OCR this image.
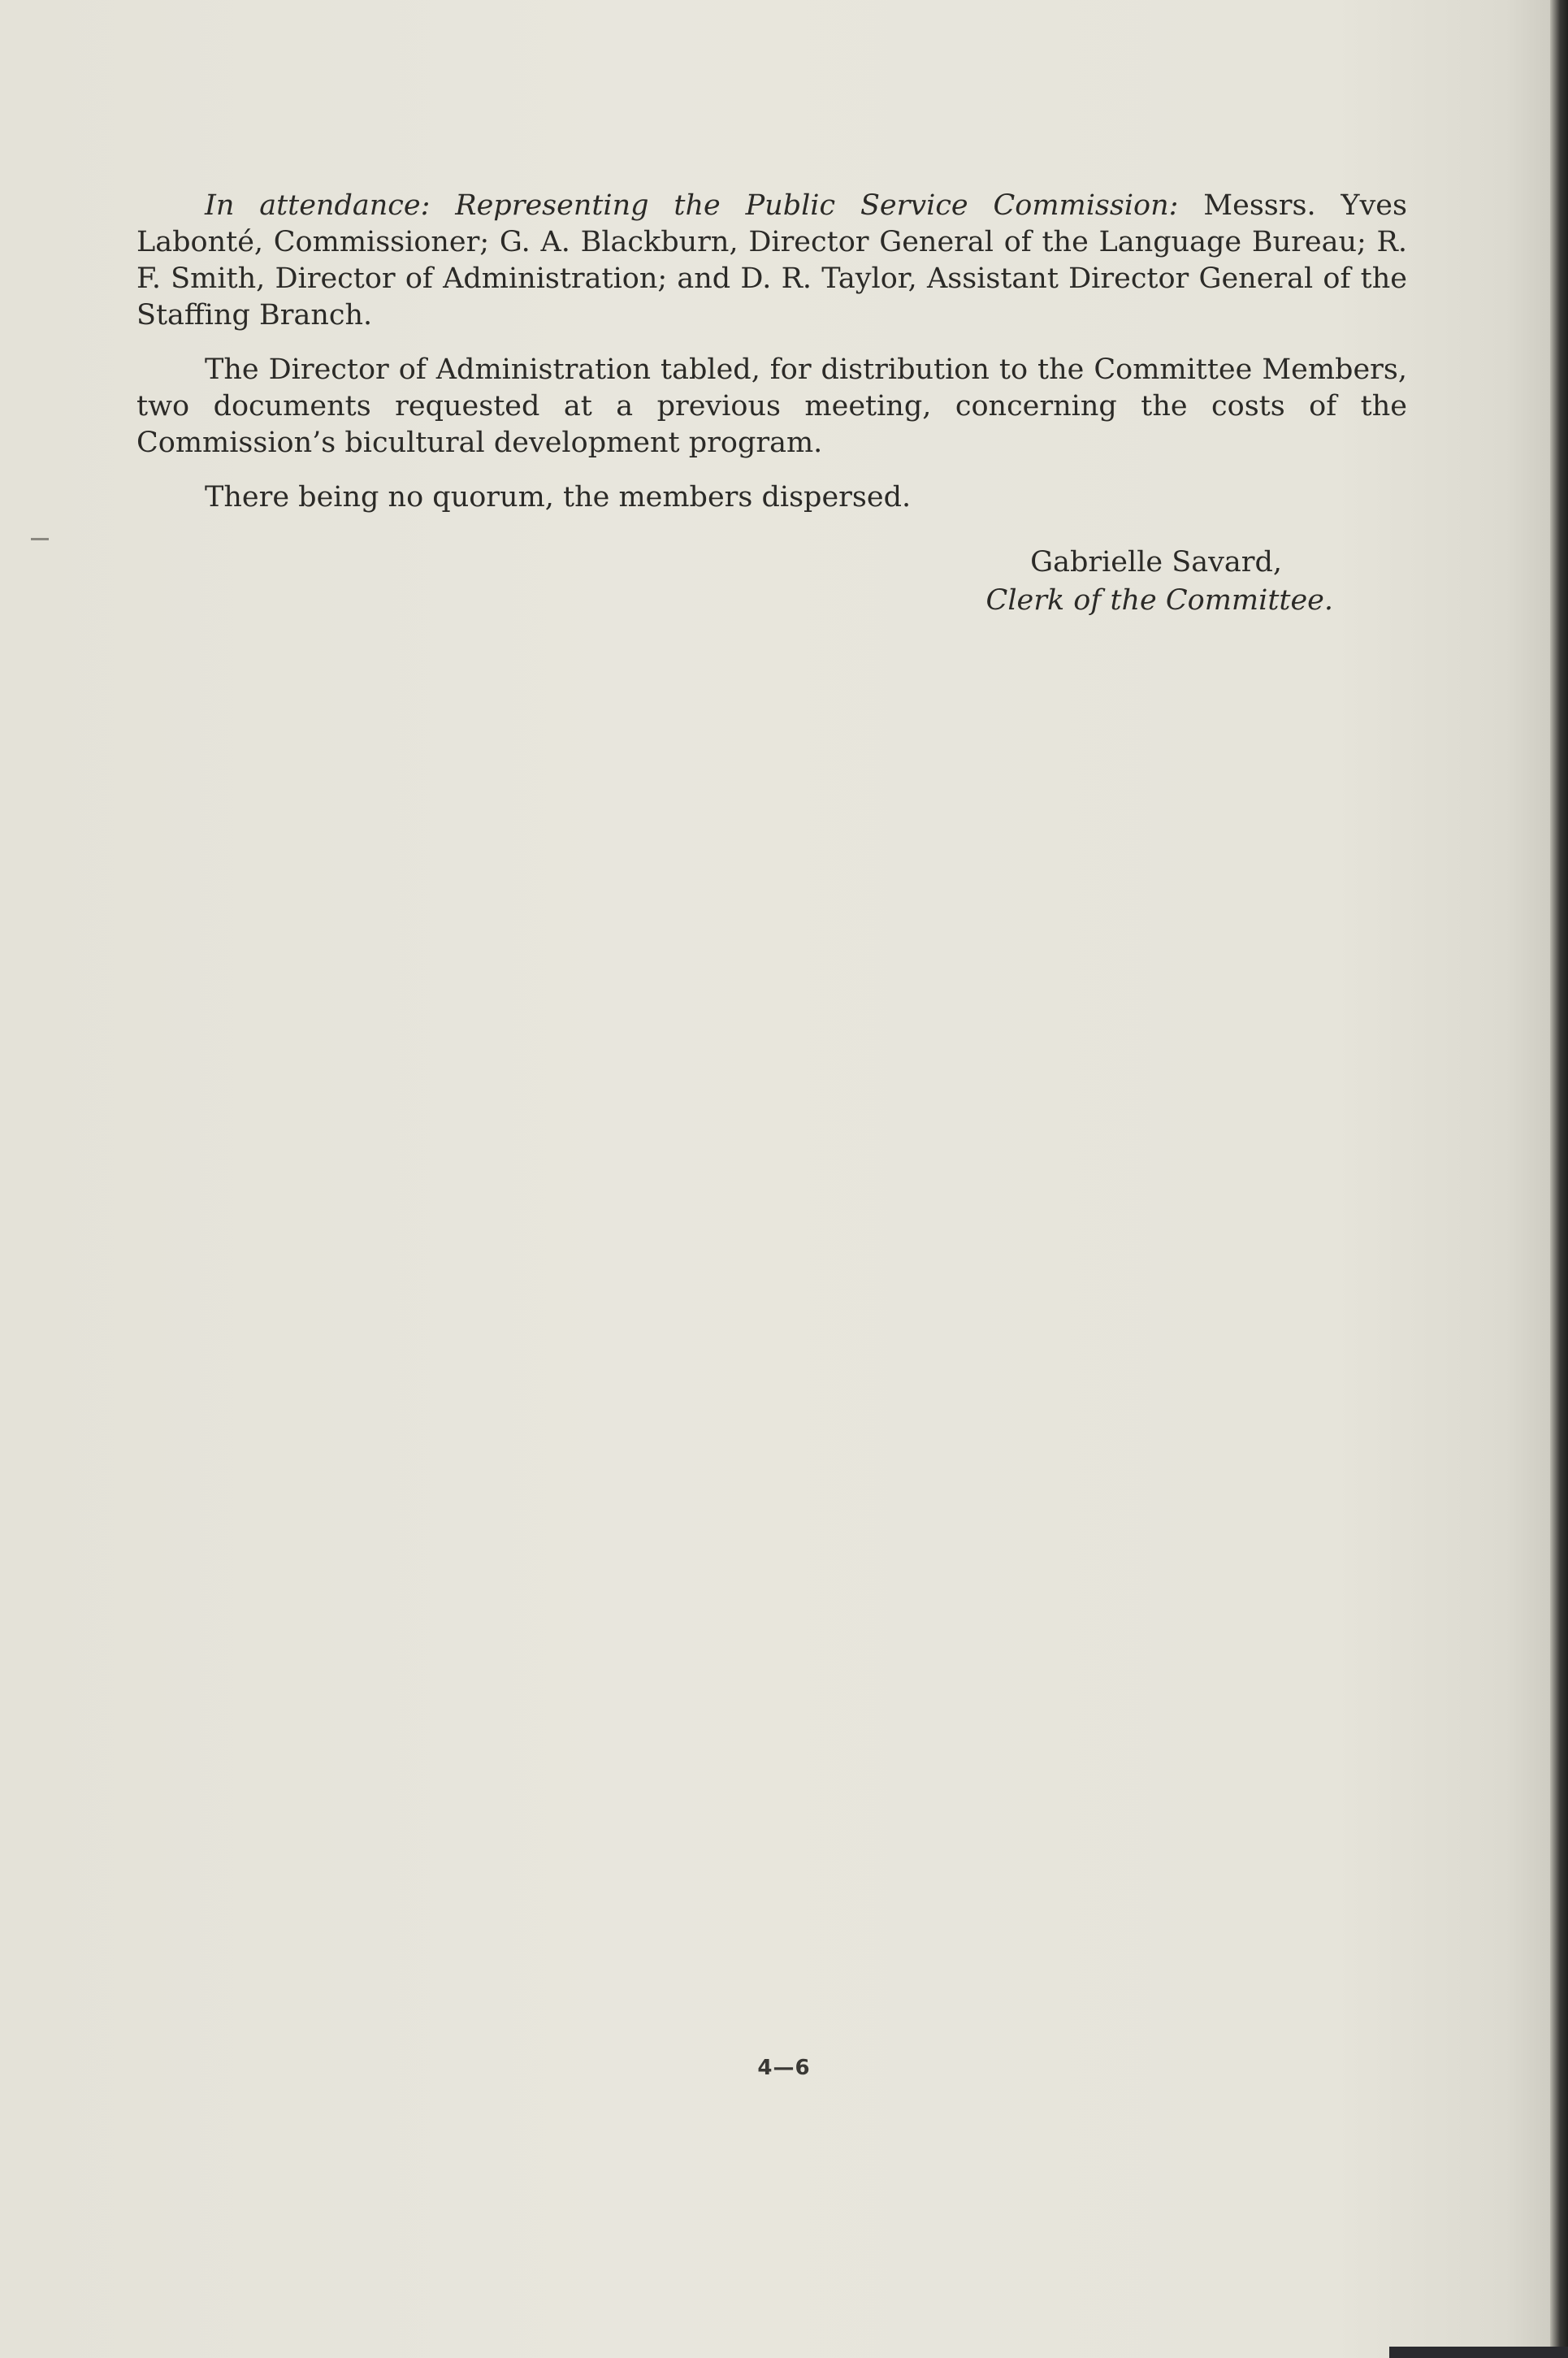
In attendance: Representing the Public Service Commission: Messrs. Yves Labonté, Commissioner; G. A. Blackburn, Director General of the Language Bureau; R. F. Smith, Director of Administration; and D. R. Taylor, Assistant Director General of the Staffing Branch.

The Director of Administration tabled, for distribution to the Committee Members, two documents requested at a previous meeting, concerning the costs of the Commission’s bicultural development program.

There being no quorum, the members dispersed.

Gabrielle Savard,
Clerk of the Committee.
4—6
